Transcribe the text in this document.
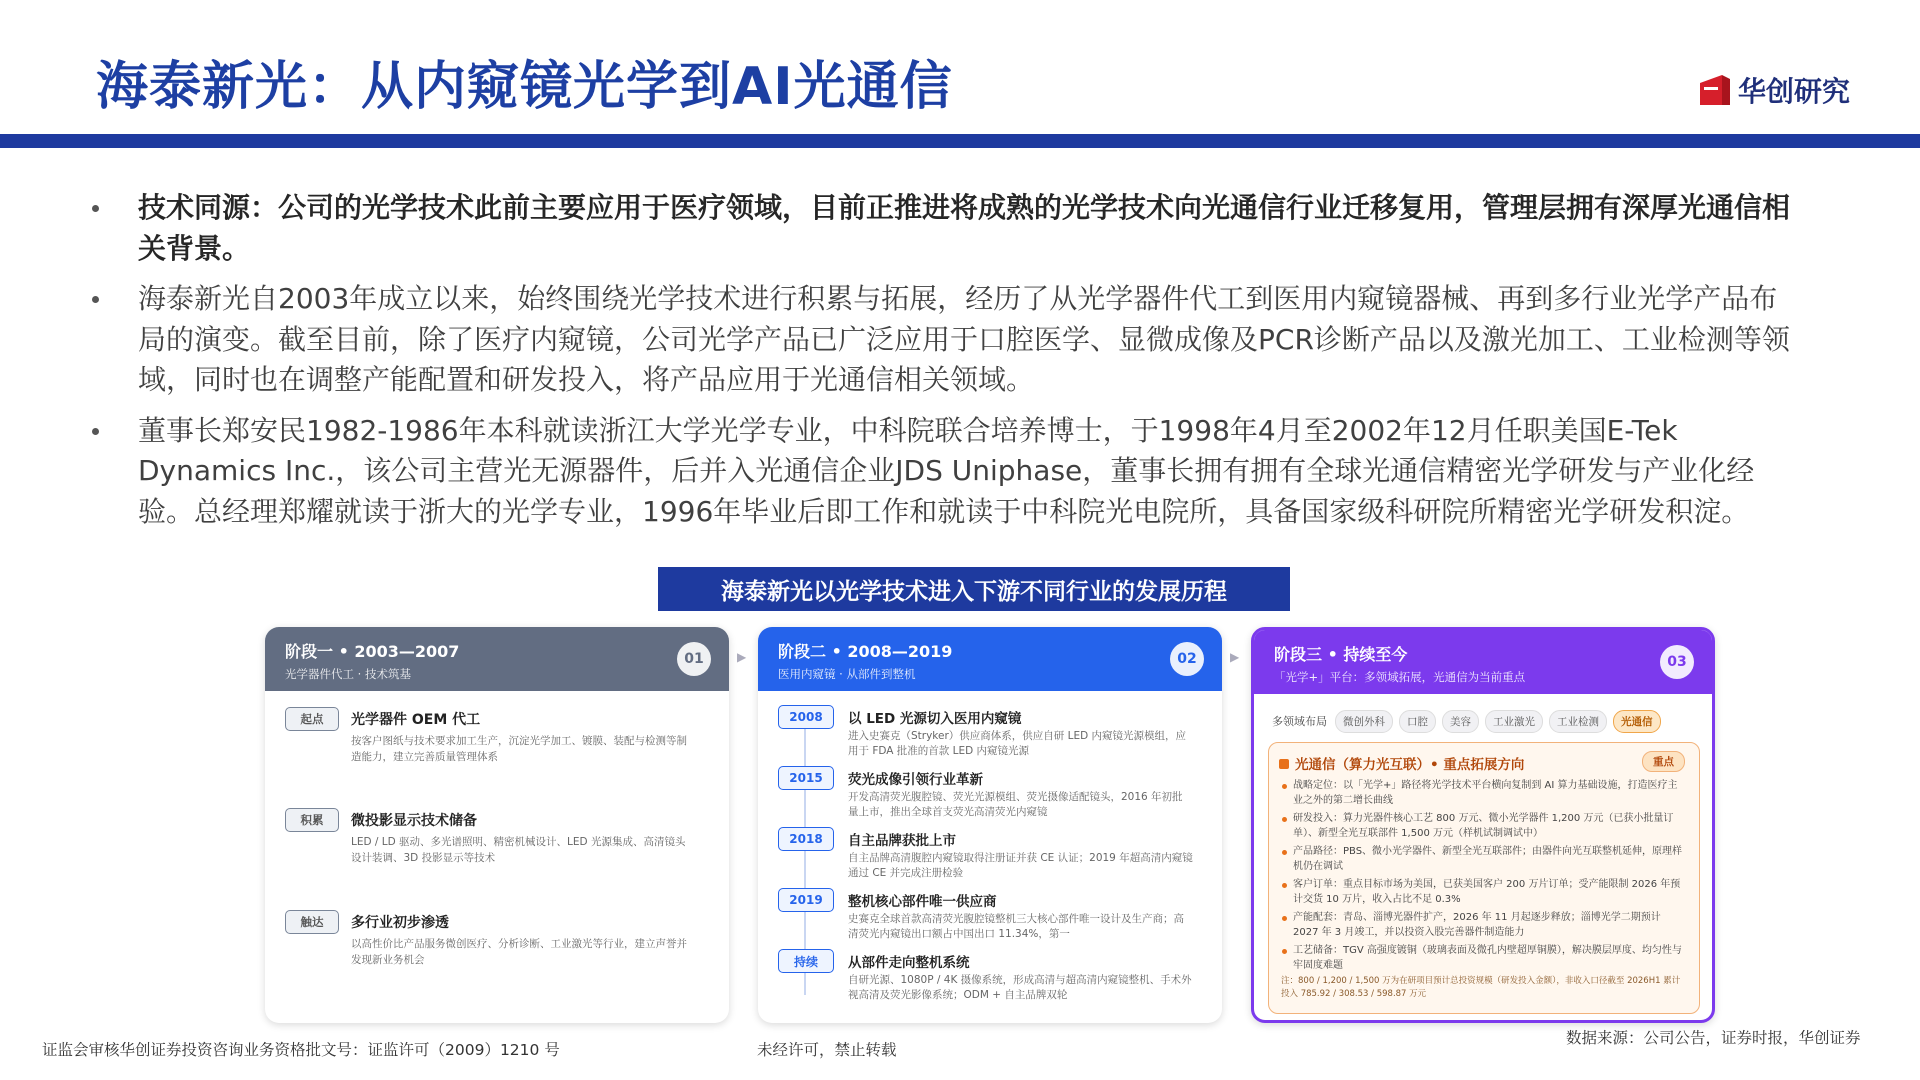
海泰新光：从内窥镜光学到AI光通信	华创研究

技术同源：公司的光学技术此前主要应用于医疗领域，目前正推进将成熟的光学技术向光通信行业迁移复用，管理层拥有深厚光通信相关背景。

海泰新光自2003年成立以来，始终围绕光学技术进行积累与拓展，经历了从光学器件代工到医用内窥镜器械、再到多行业光学产品布局的演变。截至目前，除了医疗内窥镜，公司光学产品已广泛应用于口腔医学、显微成像及PCR诊断产品以及激光加工、工业检测等领域，同时也在调整产能配置和研发投入，将产品应用于光通信相关领域。

董事长郑安民1982-1986年本科就读浙江大学光学专业，中科院联合培养博士，于1998年4月至2002年12月任职美国E-Tek Dynamics Inc.，该公司主营光无源器件，后并入光通信企业JDS Uniphase，董事长拥有拥有全球光通信精密光学研发与产业化经验。总经理郑耀就读于浙大的光学专业，1996年毕业后即工作和就读于中科院光电院所，具备国家级科研院所精密光学研发积淀。

海泰新光以光学技术进入下游不同行业的发展历程
阶段一 • 2003—2007
光学器件代工 · 技术筑基
01
起点	光学器件 OEM 代工
按客户图纸与技术要求加工生产，沉淀光学加工、镀膜、装配与检测等制造能力，建立完善质量管理体系
积累	微投影显示技术储备
LED / LD 驱动、多光谱照明、精密机械设计、LED 光源集成、高清镜头设计装调、3D 投影显示等技术
触达	多行业初步渗透
以高性价比产品服务微创医疗、分析诊断、工业激光等行业，建立声誉并发现新业务机会
▶ 阶段二 • 2008—2019
医用内窥镜 · 从部件到整机
02
2008	以 LED 光源切入医用内窥镜
进入史赛克（Stryker）供应商体系，供应自研 LED 内窥镜光源模组，应用于 FDA 批准的首款 LED 内窥镜光源
2015	荧光成像引领行业革新
开发高清荧光腹腔镜、荧光光源模组、荧光摄像适配镜头，2016 年初批量上市，推出全球首支荧光高清荧光内窥镜
2018	自主品牌获批上市
自主品牌高清腹腔内窥镜取得注册证并获 CE 认证；2019 年超高清内窥镜通过 CE 并完成注册检验
2019	整机核心部件唯一供应商
史赛克全球首款高清荧光腹腔镜整机三大核心部件唯一设计及生产商；高清荧光内窥镜出口额占中国出口 11.34%，第一
持续	从部件走向整机系统
自研光源、1080P / 4K 摄像系统，形成高清与超高清内窥镜整机、手术外视高清及荧光影像系统；ODM + 自主品牌双轮
▶ 阶段三 • 持续至今
「光学+」平台：多领域拓展，光通信为当前重点
03
多领域布局	微创外科	口腔	美容	工业激光	工业检测	光通信
光通信（算力光互联）• 重点拓展方向	重点
战略定位：以「光学+」路径将光学技术平台横向复制到 AI 算力基础设施，打造医疗主业之外的第二增长曲线
研发投入：算力光器件核心工艺 800 万元、微小光学器件 1,200 万元（已获小批量订单）、新型全光互联部件 1,500 万元（样机试制调试中）
产品路径：PBS、微小光学器件、新型全光互联部件；由器件向光互联整机延伸，原理样机仍在调试
客户订单：重点目标市场为美国，已获美国客户 200 万片订单；受产能限制 2026 年预计交货 10 万片，收入占比不足 0.3%
产能配套：青岛、淄博光器件扩产，2026 年 11 月起逐步释放；淄博光学二期预计 2027 年 3 月竣工，并以投资入股完善器件制造能力
工艺储备：TGV 高强度镀铜（玻璃表面及微孔内壁超厚铜膜），解决膜层厚度、均匀性与牢固度难题
注：800 / 1,200 / 1,500 万为在研项目预计总投资规模（研发投入金额），非收入口径截至 2026H1 累计投入 785.92 / 308.53 / 598.87 万元
证监会审核华创证券投资咨询业务资格批文号：证监许可（2009）1210 号	未经许可，禁止转载
数据来源：公司公告，证券时报，华创证券
